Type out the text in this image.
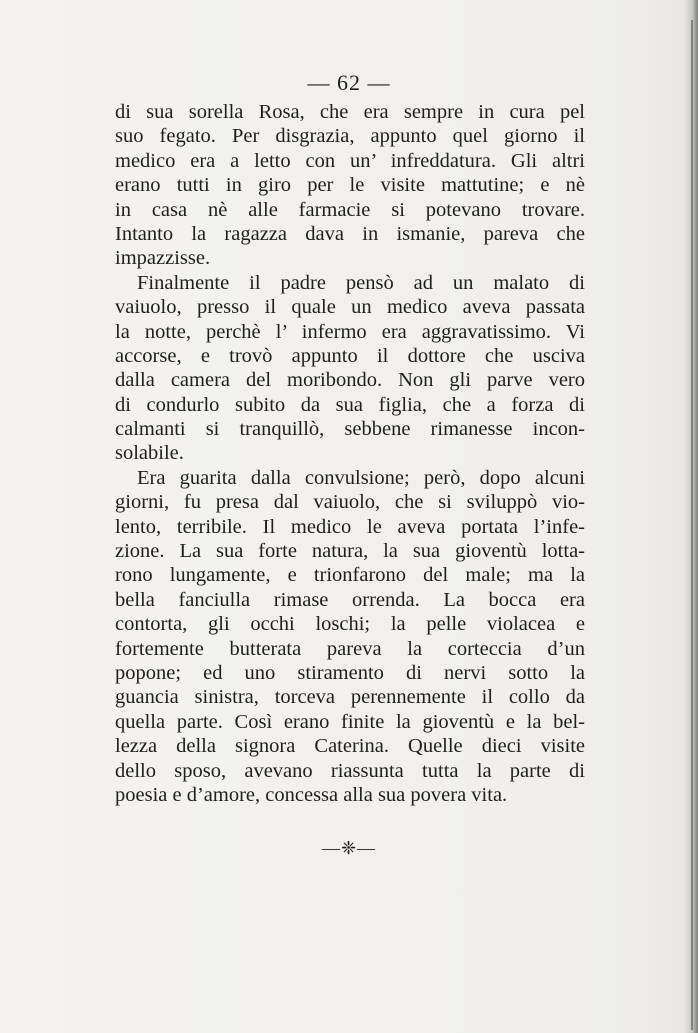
— 62 —
di sua sorella Rosa, che era sempre in cura pel
suo fegato. Per disgrazia, appunto quel giorno il
medico era a letto con un’ infreddatura. Gli altri
erano tutti in giro per le visite mattutine; e nè
in casa nè alle farmacie si potevano trovare.
Intanto la ragazza dava in ismanie, pareva che
impazzisse.
Finalmente il padre pensò ad un malato di
vaiuolo, presso il quale un medico aveva passata
la notte, perchè l’ infermo era aggravatissimo. Vi
accorse, e trovò appunto il dottore che usciva
dalla camera del moribondo. Non gli parve vero
di condurlo subito da sua figlia, che a forza di
calmanti si tranquillò, sebbene rimanesse incon-
solabile.
Era guarita dalla convulsione; però, dopo alcuni
giorni, fu presa dal vaiuolo, che si sviluppò vio-
lento, terribile. Il medico le aveva portata l’infe-
zione. La sua forte natura, la sua gioventù lotta-
rono lungamente, e trionfarono del male; ma la
bella fanciulla rimase orrenda. La bocca era
contorta, gli occhi loschi; la pelle violacea e
fortemente butterata pareva la corteccia d’un
popone; ed uno stiramento di nervi sotto la
guancia sinistra, torceva perennemente il collo da
quella parte. Così erano finite la gioventù e la bel-
lezza della signora Caterina. Quelle dieci visite
dello sposo, avevano riassunta tutta la parte di
poesia e d’amore, concessa alla sua povera vita.
—❈—
